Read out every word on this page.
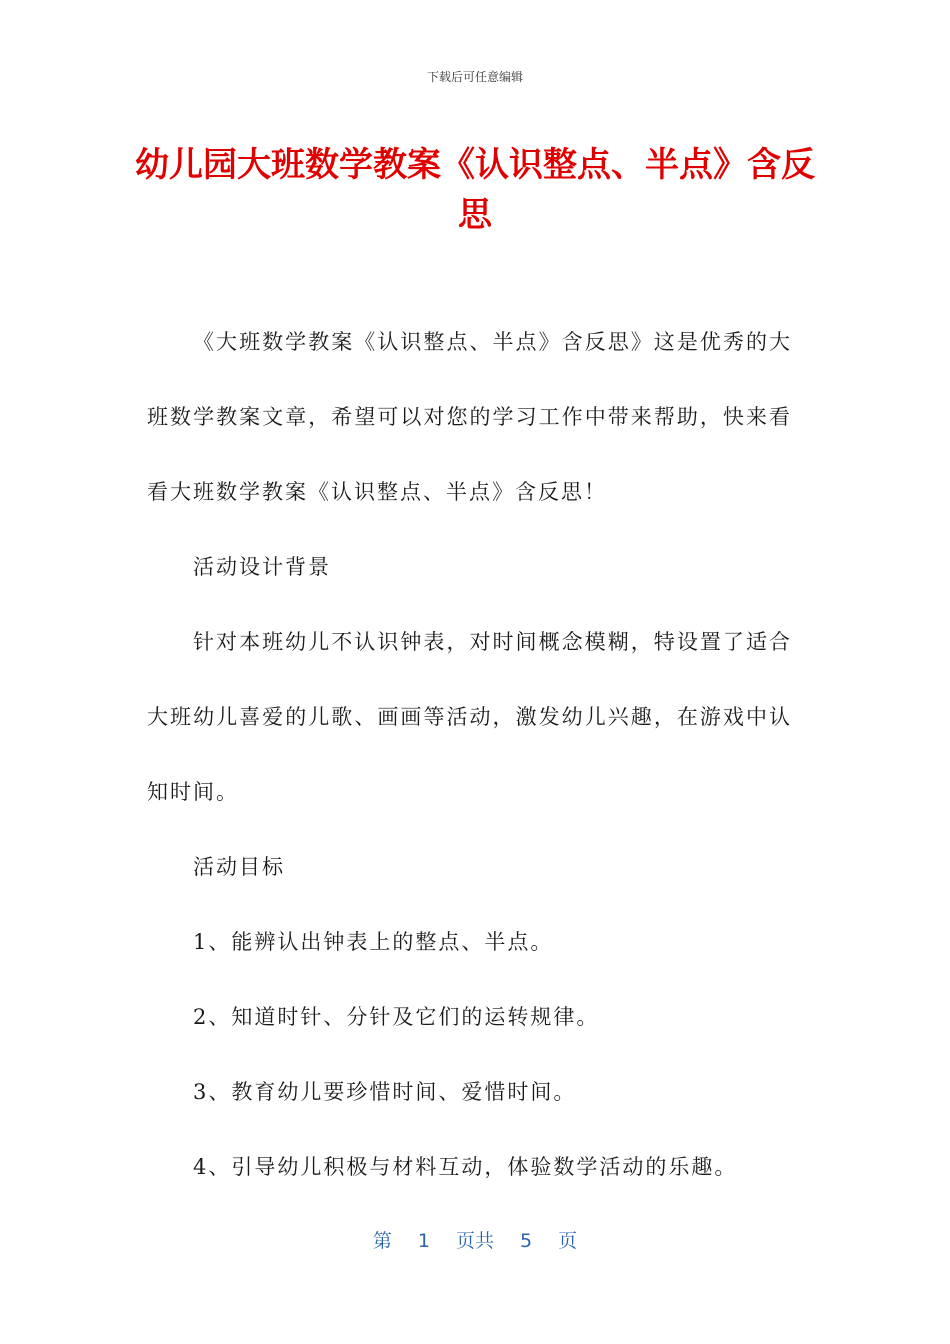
下载后可任意编辑
幼儿园大班数学教案《认识整点、半点》含反思

《大班数学教案《认识整点、半点》含反思》这是优秀的大班数学教案文章，希望可以对您的学习工作中带来帮助，快来看看大班数学教案《认识整点、半点》含反思！

活动设计背景

针对本班幼儿不认识钟表，对时间概念模糊，特设置了适合大班幼儿喜爱的儿歌、画画等活动，激发幼儿兴趣，在游戏中认知时间。

活动目标

1、能辨认出钟表上的整点、半点。

2、知道时针、分针及它们的运转规律。

3、教育幼儿要珍惜时间、爱惜时间。

4、引导幼儿积极与材料互动，体验数学活动的乐趣。

第 1 页共 5 页
